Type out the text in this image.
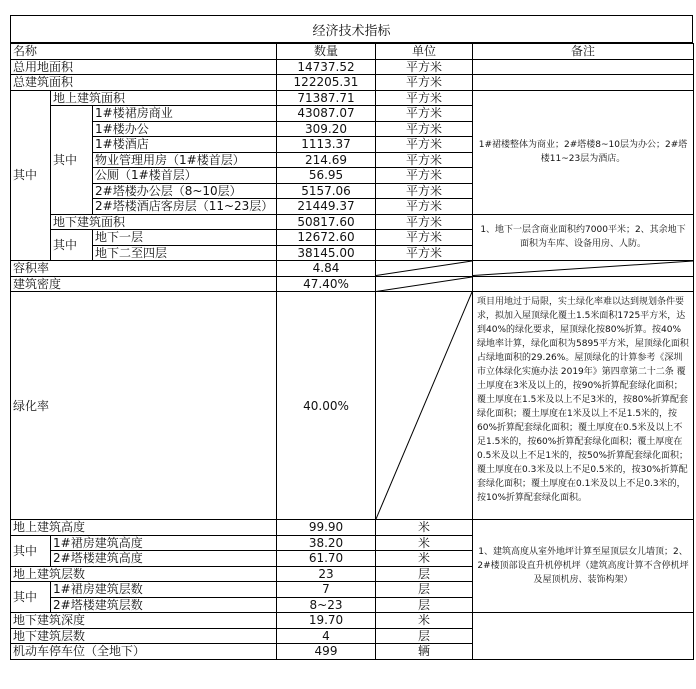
经济技术指标
名称			数量	单位	备注
总用地面积			14737.52	平方米	
总建筑面积			122205.31	平方米	
其中	地上建筑面积		71387.71	平方米	1#裙楼整体为商业；2#塔楼8~10层为办公；2#塔楼11~23层为酒店。
	其中	1#楼裙房商业	43087.07	平方米	
		1#楼办公	309.20	平方米	
		1#楼酒店	1113.37	平方米	
		物业管理用房（1#楼首层）	214.69	平方米	
		公厕（1#楼首层）	56.95	平方米	
		2#塔楼办公层（8~10层）	5157.06	平方米	
		2#塔楼酒店客房层（11~23层）	21449.37	平方米	
	地下建筑面积		50817.60	平方米	1、地下一层含商业面积约7000平米；2、其余地下面积为车库、设备用房、人防。
	其中	地下一层	12672.60	平方米	
		地下二至四层	38145.00	平方米	
容积率			4.84	

建筑密度			47.40%	

绿化率			40.00%		项目用地过于局限，实土绿化率难以达到规划条件要求，拟加入屋顶绿化覆土1.5米面积1725平方米，达到40%的绿化要求，屋顶绿化按80%折算。按40%绿地率计算，绿化面积为5895平方米，屋顶绿化面积占绿地面积的29.26%。屋顶绿化的计算参考《深圳市立体绿化实施办法 2019年》第四章第二十二条 覆土厚度在3米及以上的，按90%折算配套绿化面积；覆土厚度在1.5米及以上不足3米的，按80%折算配套绿化面积；覆土厚度在1米及以上不足1.5米的，按60%折算配套绿化面积；覆土厚度在0.5米及以上不足1.5米的，按60%折算配套绿化面积；覆土厚度在0.5米及以上不足1米的，按50%折算配套绿化面积；覆土厚度在0.3米及以上不足0.5米的，按30%折算配套绿化面积；覆土厚度在0.1米及以上不足0.3米的，按10%折算配套绿化面积。
地上建筑高度			99.90	米	1、建筑高度从室外地坪计算至屋顶层女儿墙顶；2、2#楼顶部设直升机停机坪（建筑高度计算不含停机坪及屋顶机房、装饰构架）
其中	1#裙房建筑高度		38.20	米	
	2#塔楼建筑高度		61.70	米	
地上建筑层数			23	层	
其中	1#裙房建筑层数		7	层	
	2#塔楼建筑层数		8~23	层	
地下建筑深度			19.70	米	
地下建筑层数			4	层	
机动车停车位（全地下）			499	辆	
